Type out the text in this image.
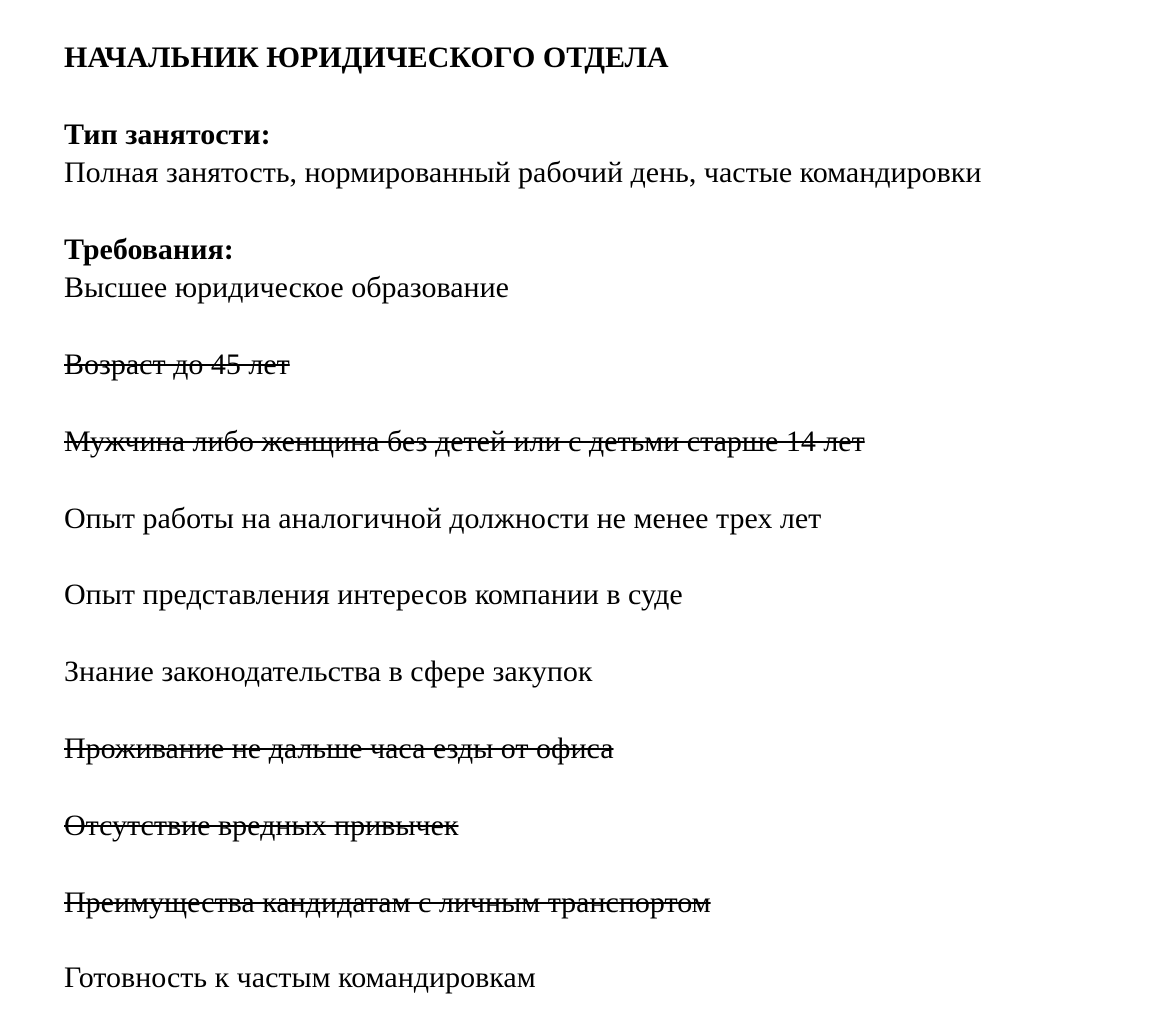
НАЧАЛЬНИК ЮРИДИЧЕСКОГО ОТДЕЛА
Тип занятости:
Полная занятость, нормированный рабочий день, частые командировки
Требования:
Высшее юридическое образование
Возраст до 45 лет
Мужчина либо женщина без детей или с детьми старше 14 лет
Опыт работы на аналогичной должности не менее трех лет
Опыт представления интересов компании в суде
Знание законодательства в сфере закупок
Проживание не дальше часа езды от офиса
Отсутствие вредных привычек
Преимущества кандидатам с личным транспортом
Готовность к частым командировкам
